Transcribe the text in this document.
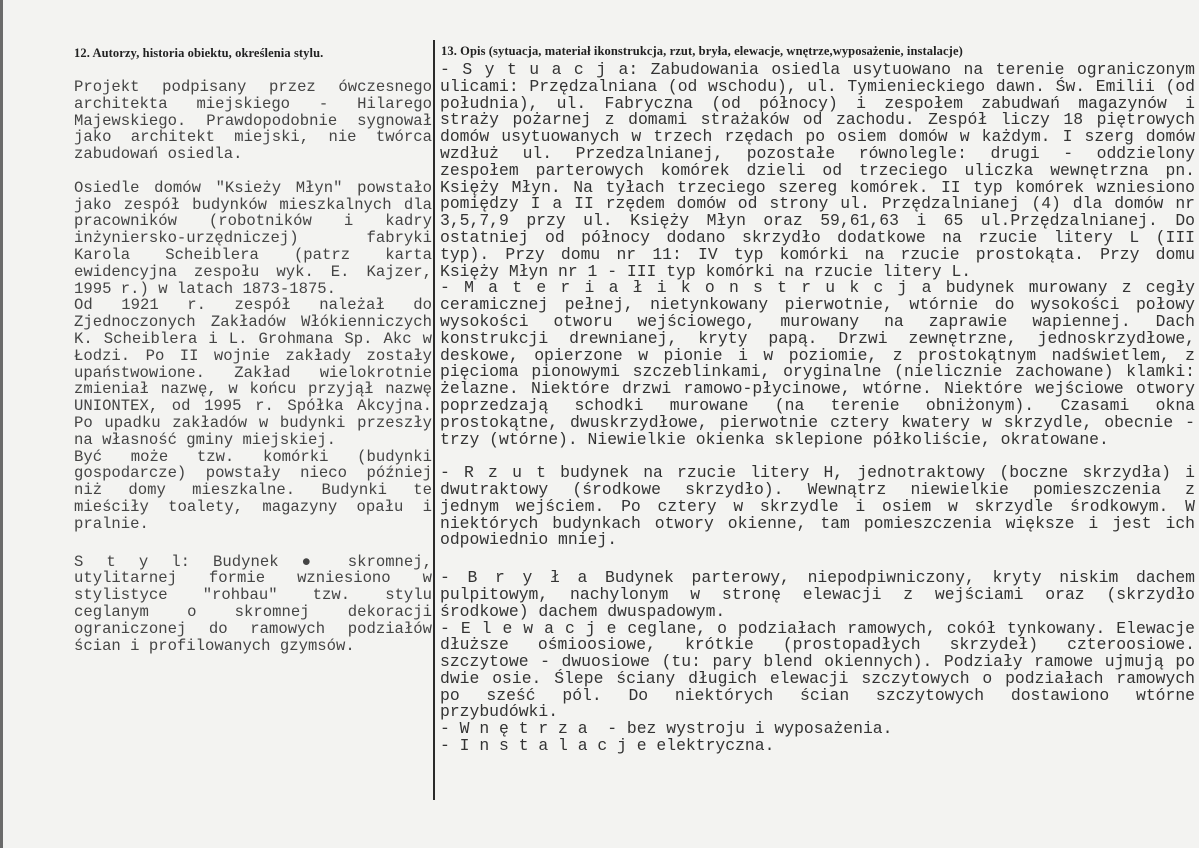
12. Autorzy, historia obiektu, określenia stylu.	13. Opis (sytuacja, materiał ikonstrukcja, rzut, bryła, elewacje, wnętrze,wyposażenie, instalacje)
Projekt podpisany przez ówczesnego
architekta miejskiego - Hilarego
Majewskiego. Prawdopodobnie sygnował
jako architekt miejski, nie twórca
zabudowań osiedla.
Osiedle domów "Ksieży Młyn" powstało
jako zespół budynków mieszkalnych dla
pracowników (robotników i kadry
inżyniersko-urzędniczej) fabryki
Karola Scheiblera (patrz karta
ewidencyjna zespołu wyk. E. Kajzer,
1995 r.) w latach 1873-1875.
Od 1921 r. zespół należał do
Zjednoczonych Zakładów Włókienniczych
K. Scheiblera i L. Grohmana Sp. Akc w
Łodzi. Po II wojnie zakłady zostały
upaństwowione. Zakład wielokrotnie
zmieniał nazwę, w końcu przyjął nazwę
UNIONTEX, od 1995 r. Spółka Akcyjna.
Po upadku zakładów w budynki przeszły
na własność gminy miejskiej.
Być może tzw. komórki (budynki
gospodarcze) powstały nieco później
niż domy mieszkalne. Budynki te
mieściły toalety, magazyny opału i
pralnie.
S t y l: Budynek ● skromnej,
utylitarnej formie wzniesiono w
stylistyce "rohbau" tzw. stylu
ceglanym o skromnej dekoracji
ograniczonej do ramowych podziałów
ścian i profilowanych gzymsów.
- S y t u a c j a: Zabudowania osiedla usytuowano na terenie ograniczonym
ulicami: Przędzalniana (od wschodu), ul. Tymienieckiego dawn. Św. Emilii (od
południa), ul. Fabryczna (od północy) i zespołem zabudwań magazynów i
straży pożarnej z domami strażaków od zachodu. Zespół liczy 18 piętrowych
domów usytuowanych w trzech rzędach po osiem domów w każdym. I szerg domów
wzdłuż ul. Przedzalnianej, pozostałe równolegle: drugi - oddzielony
zespołem parterowych komórek dzieli od trzeciego uliczka wewnętrzna pn.
Księży Młyn. Na tyłach trzeciego szereg komórek. II typ komórek wzniesiono
pomiędzy I a II rzędem domów od strony ul. Przędzalnianej (4) dla domów nr
3,5,7,9 przy ul. Księży Młyn oraz 59,61,63 i 65 ul.Przędzalnianej. Do
ostatniej od północy dodano skrzydło dodatkowe na rzucie litery L (III
typ). Przy domu nr 11: IV typ komórki na rzucie prostokąta. Przy domu
Księży Młyn nr 1 - III typ komórki na rzucie litery L.
- M a t e r i a ł i k o n s t r u k c j a budynek murowany z cegły
ceramicznej pełnej, nietynkowany pierwotnie, wtórnie do wysokości połowy
wysokości otworu wejściowego, murowany na zaprawie wapiennej. Dach
konstrukcji drewnianej, kryty papą. Drzwi zewnętrzne, jednoskrzydłowe,
deskowe, opierzone w pionie i w poziomie, z prostokątnym nadświetlem, z
pięcioma pionowymi szczeblinkami, oryginalne (nielicznie zachowane) klamki:
żelazne. Niektóre drzwi ramowo-płycinowe, wtórne. Niektóre wejściowe otwory
poprzedzają schodki murowane (na terenie obniżonym). Czasami okna
prostokątne, dwuskrzydłowe, pierwotnie cztery kwatery w skrzydle, obecnie -
trzy (wtórne). Niewielkie okienka sklepione półkoliście, okratowane.
- R z u t budynek na rzucie litery H, jednotraktowy (boczne skrzydła) i
dwutraktowy (środkowe skrzydło). Wewnątrz niewielkie pomieszczenia z
jednym wejściem. Po cztery w skrzydle i osiem w skrzydle środkowym. W
niektórych budynkach otwory okienne, tam pomieszczenia większe i jest ich
odpowiednio mniej.
- B r y ł a Budynek parterowy, niepodpiwniczony, kryty niskim dachem
pulpitowym, nachylonym w stronę elewacji z wejściami oraz (skrzydło
środkowe) dachem dwuspadowym.
- E l e w a c j e ceglane, o podziałach ramowych, cokół tynkowany. Elewacje
dłuższe ośmioosiowe, krótkie (prostopadłych skrzydeł) czteroosiowe.
szczytowe - dwuosiowe (tu: pary blend okiennych). Podziały ramowe ujmują po
dwie osie. Ślepe ściany długich elewacji szczytowych o podziałach ramowych
po sześć pól. Do niektórych ścian szczytowych dostawiono wtórne
przybudówki.
- W n ę t r z a  - bez wystroju i wyposażenia.
- I n s t a l a c j e elektryczna.
